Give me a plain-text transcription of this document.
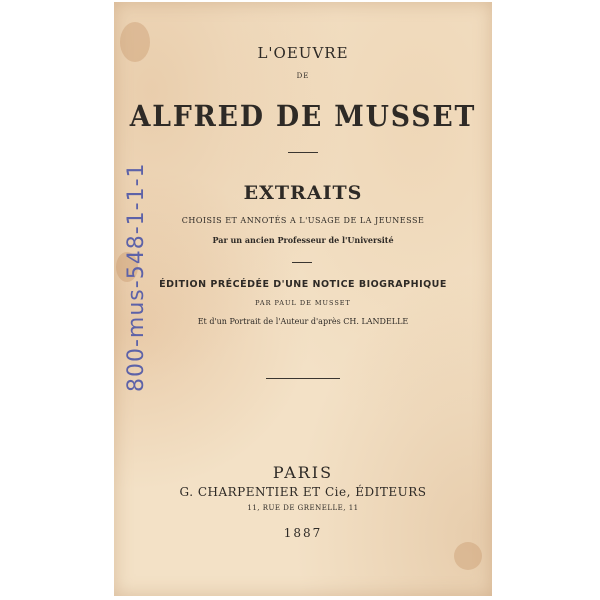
L'OEUVRE
DE
ALFRED DE MUSSET
EXTRAITS
CHOISIS ET ANNOTÉS A L'USAGE DE LA JEUNESSE
Par un ancien Professeur de l'Université
ÉDITION PRÉCÉDÉE D'UNE NOTICE BIOGRAPHIQUE
PAR PAUL DE MUSSET
Et d'un Portrait de l'Auteur d'après CH. LANDELLE
PARIS
G. CHARPENTIER ET Cie, ÉDITEURS
11, RUE DE GRENELLE, 11
1887
800-mus-548-1-1-1
